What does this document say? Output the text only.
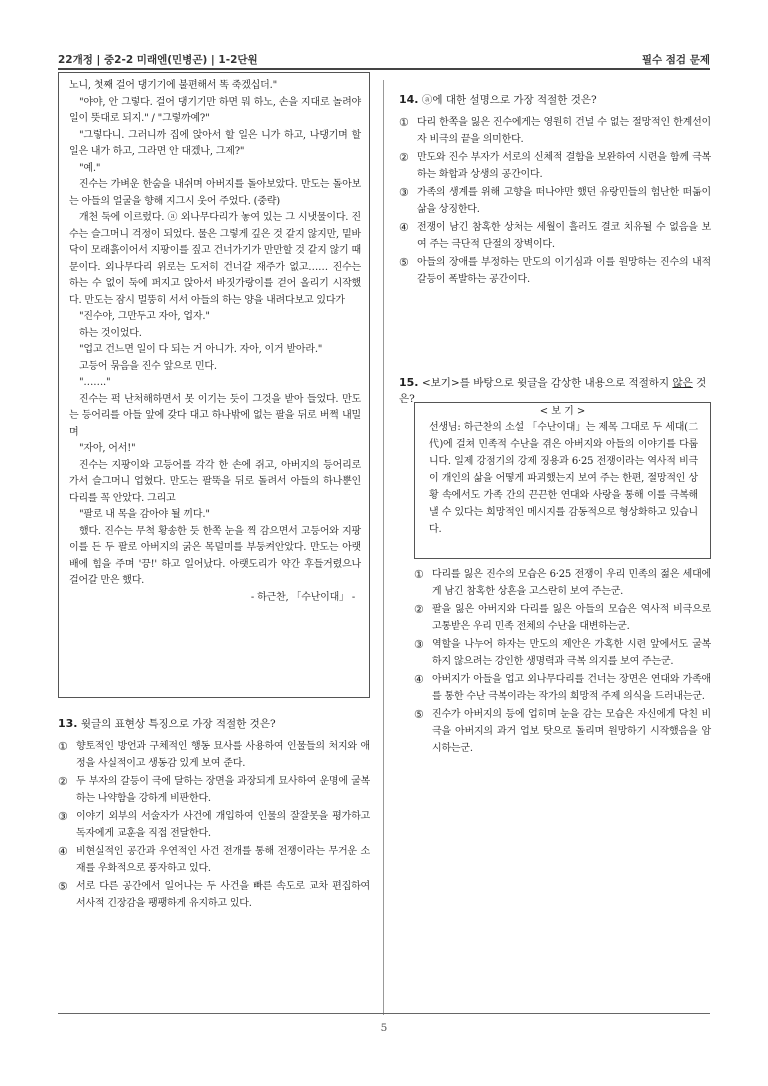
22개정 | 중2-2 미래엔(민병곤) | 1-2단원	필수 점검 문제

노니, 첫째 걸어 댕기기에 불편해서 똑 죽겠십더."

"야야, 안 그렇다. 걸어 댕기기만 하면 뭐 하노, 손을 지대로 놀려야 일이 뜻대로 되지." / "그렇까예?"

"그렇다니. 그러니까 집에 앉아서 할 일은 니가 하고, 나댕기며 할 일은 내가 하고, 그라면 안 대겠나, 그제?"

"예."

진수는 가벼운 한숨을 내쉬며 아버지를 돌아보았다. 만도는 돌아보는 아들의 얼굴을 향해 지그시 웃어 주었다. (중략)

개천 둑에 이르렀다. ⓐ 외나무다리가 놓여 있는 그 시냇물이다. 진수는 슬그머니 걱정이 되었다. 물은 그렇게 깊은 것 같지 않지만, 밑바닥이 모래흙이어서 지팡이를 짚고 건너가기가 만만할 것 같지 않기 때문이다. 외나무다리 위로는 도저히 건너갈 재주가 없고…… 진수는 하는 수 없이 둑에 퍼지고 앉아서 바짓가랑이를 걷어 올리기 시작했다. 만도는 잠시 멀뚱히 서서 아들의 하는 양을 내려다보고 있다가

"진수야, 그만두고 자아, 업자."

하는 것이었다.

"업고 건느면 일이 다 되는 거 아니가. 자아, 이거 받아라."

고등어 묶음을 진수 앞으로 민다.

"……."

진수는 퍽 난처해하면서 못 이기는 듯이 그것을 받아 들었다. 만도는 등어리를 아들 앞에 갖다 대고 하나밖에 없는 팔을 뒤로 버쩍 내밀며

"자아, 어서!"

진수는 지팡이와 고등어를 각각 한 손에 쥐고, 아버지의 등어리로 가서 슬그머니 업혔다. 만도는 팔뚝을 뒤로 돌려서 아들의 하나뿐인 다리를 꼭 안았다. 그리고

"팔로 내 목을 감아야 될 끼다."

했다. 진수는 무척 황송한 듯 한쪽 눈을 찍 감으면서 고등어와 지팡이를 든 두 팔로 아버지의 굵은 목덜미를 부둥켜안았다. 만도는 아랫배에 힘을 주며 '끙!' 하고 일어났다. 아랫도리가 약간 후들거렸으나 걸어갈 만은 했다.

- 하근찬, 「수난이대」 -

13. 윗글의 표현상 특징으로 가장 적절한 것은?

① 향토적인 방언과 구체적인 행동 묘사를 사용하여 인물들의 처지와 애정을 사실적이고 생동감 있게 보여 준다.
② 두 부자의 갈등이 극에 달하는 장면을 과장되게 묘사하여 운명에 굴복하는 나약함을 강하게 비판한다.
③ 이야기 외부의 서술자가 사건에 개입하여 인물의 잘잘못을 평가하고 독자에게 교훈을 직접 전달한다.
④ 비현실적인 공간과 우연적인 사건 전개를 통해 전쟁이라는 무거운 소재를 우화적으로 풍자하고 있다.
⑤ 서로 다른 공간에서 일어나는 두 사건을 빠른 속도로 교차 편집하여 서사적 긴장감을 팽팽하게 유지하고 있다.

14. ⓐ에 대한 설명으로 가장 적절한 것은?

① 다리 한쪽을 잃은 진수에게는 영원히 건널 수 없는 절망적인 한계선이자 비극의 끝을 의미한다.
② 만도와 진수 부자가 서로의 신체적 결함을 보완하여 시련을 함께 극복하는 화합과 상생의 공간이다.
③ 가족의 생계를 위해 고향을 떠나야만 했던 유랑민들의 험난한 떠돎이 삶을 상징한다.
④ 전쟁이 남긴 참혹한 상처는 세월이 흘러도 결코 치유될 수 없음을 보여 주는 극단적 단절의 장벽이다.
⑤ 아들의 장애를 부정하는 만도의 이기심과 이를 원망하는 진수의 내적 갈등이 폭발하는 공간이다.

15. <보기>를 바탕으로 윗글을 감상한 내용으로 적절하지 않은 것은?

< 보 기 >

선생님: 하근찬의 소설 「수난이대」는 제목 그대로 두 세대(二代)에 걸쳐 민족적 수난을 겪은 아버지와 아들의 이야기를 다룹니다. 일제 강점기의 강제 징용과 6·25 전쟁이라는 역사적 비극이 개인의 삶을 어떻게 파괴했는지 보여 주는 한편, 절망적인 상황 속에서도 가족 간의 끈끈한 연대와 사랑을 통해 이를 극복해 낼 수 있다는 희망적인 메시지를 감동적으로 형상화하고 있습니다.

① 다리를 잃은 진수의 모습은 6·25 전쟁이 우리 민족의 젊은 세대에게 남긴 참혹한 상흔을 고스란히 보여 주는군.
② 팔을 잃은 아버지와 다리를 잃은 아들의 모습은 역사적 비극으로 고통받은 우리 민족 전체의 수난을 대변하는군.
③ 역할을 나누어 하자는 만도의 제안은 가혹한 시련 앞에서도 굴복하지 않으려는 강인한 생명력과 극복 의지를 보여 주는군.
④ 아버지가 아들을 업고 외나무다리를 건너는 장면은 연대와 가족애를 통한 수난 극복이라는 작가의 희망적 주제 의식을 드러내는군.
⑤ 진수가 아버지의 등에 업히며 눈을 감는 모습은 자신에게 닥친 비극을 아버지의 과거 업보 탓으로 돌리며 원망하기 시작했음을 암시하는군.
5
